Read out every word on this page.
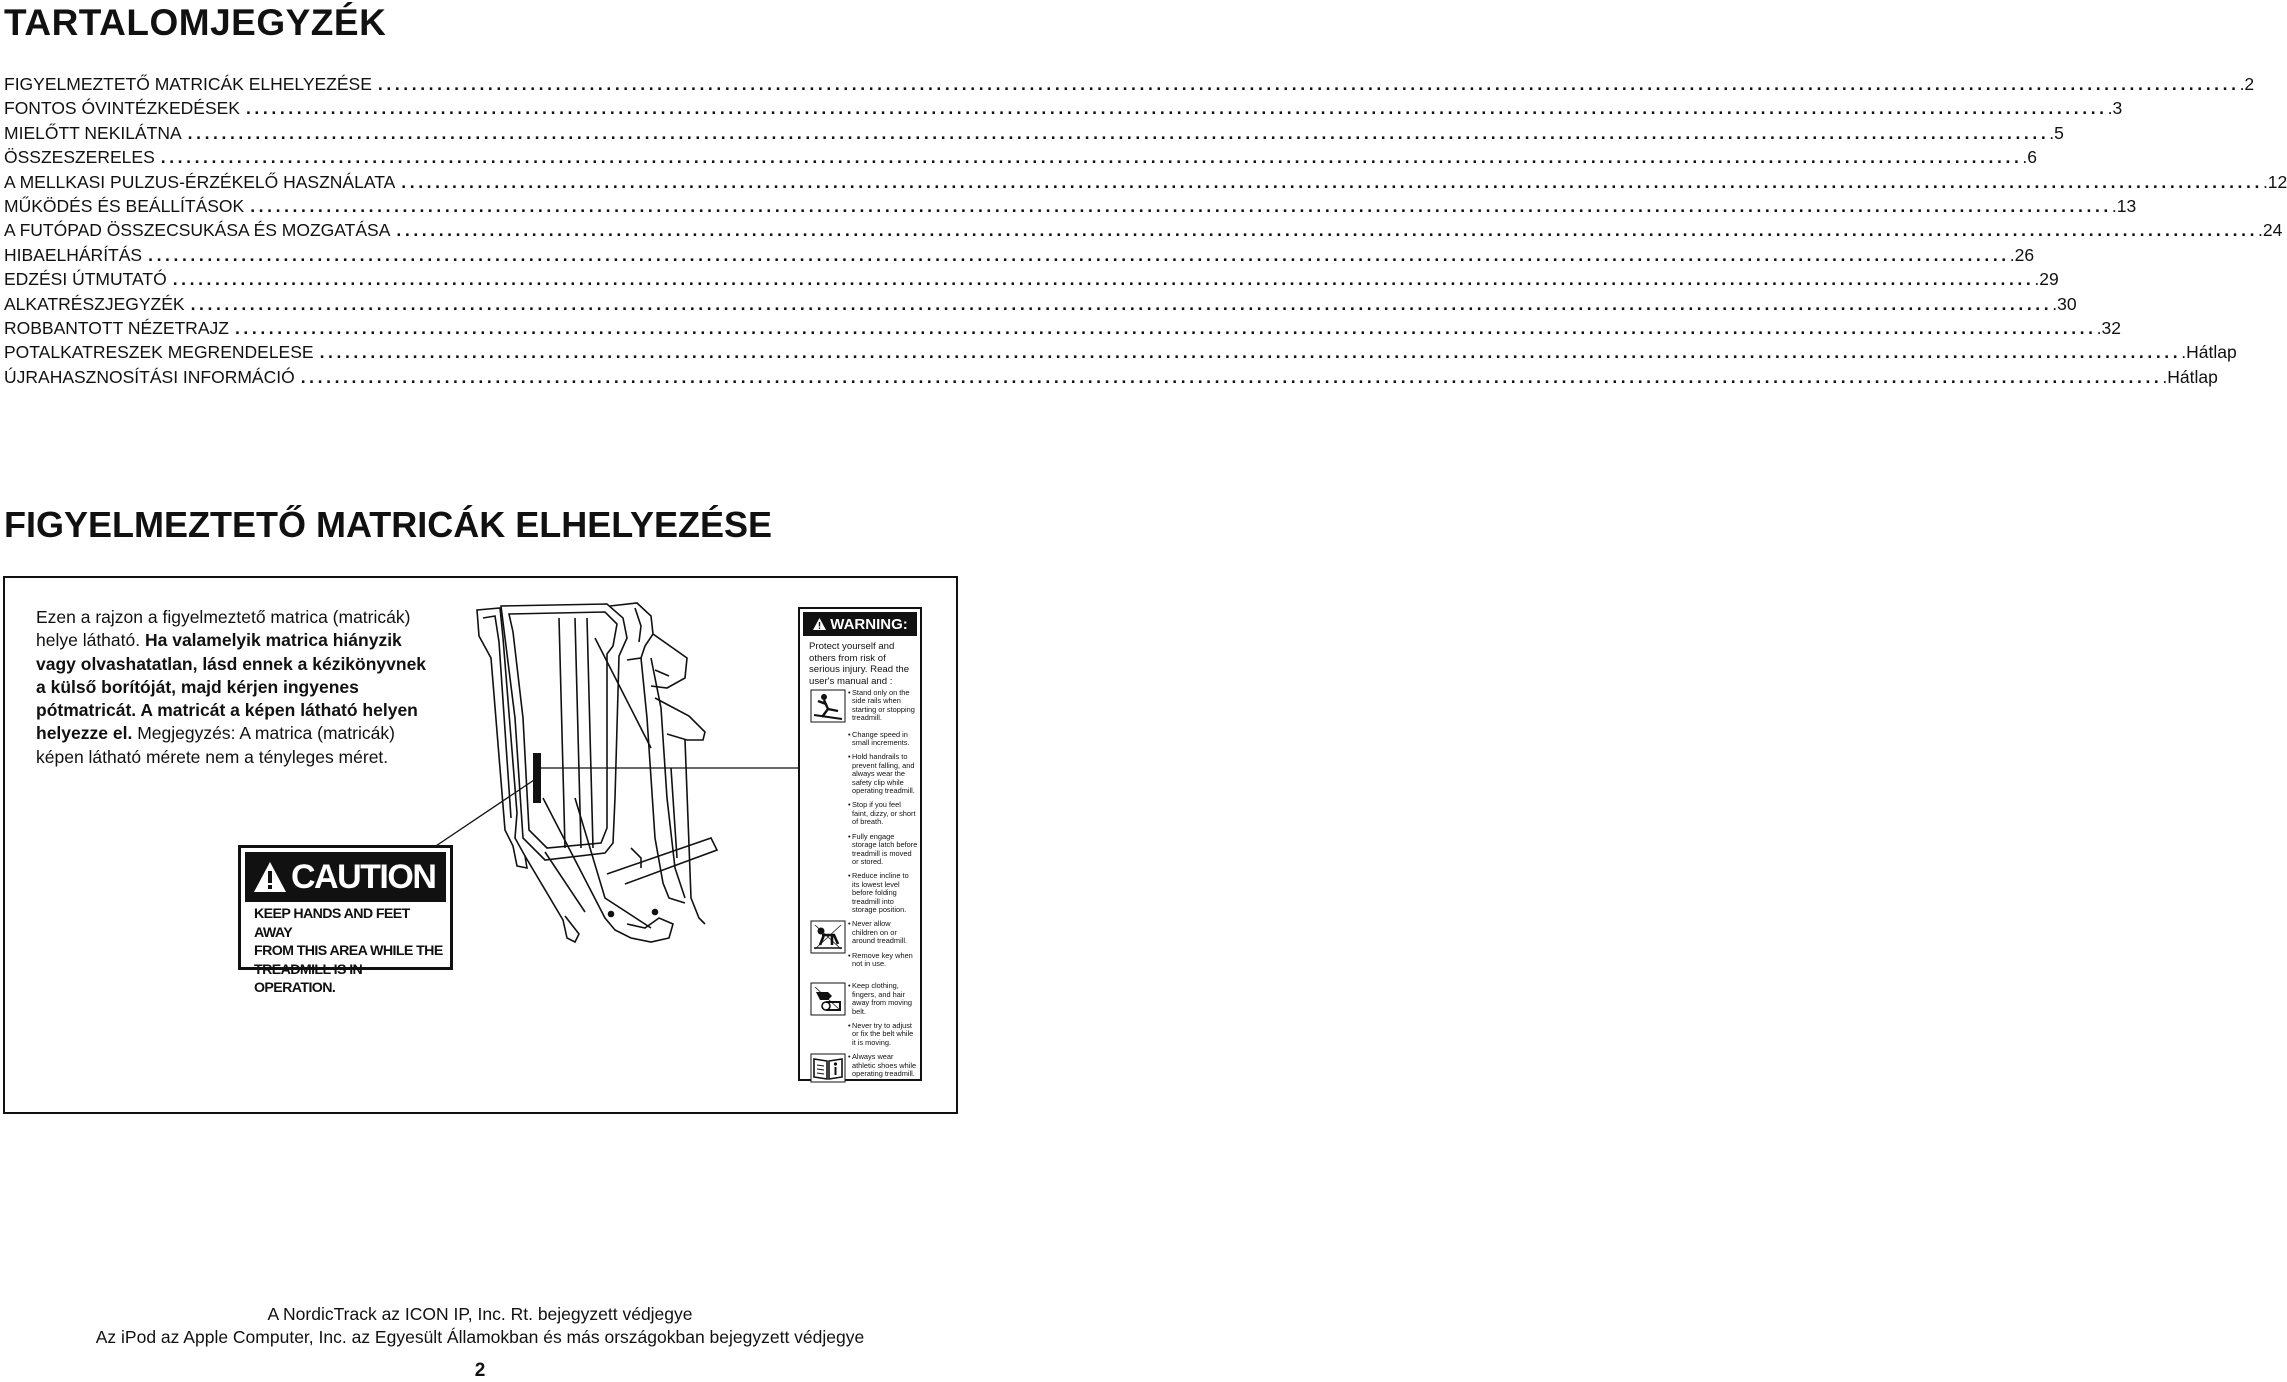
TARTALOMJEGYZÉK
FIGYELMEZTETŐ MATRICÁK ELHELYEZÉSE ............................................................................................................................................................................................................................ .2
FONTOS ÓVINTÉZKEDÉSEK ............................................................................................................................................................................................................................ .3
MIELŐTT NEKILÁTNA ............................................................................................................................................................................................................................ .5
ÖSSZESZERELES ............................................................................................................................................................................................................................ .6
A MELLKASI PULZUS-ÉRZÉKELŐ HASZNÁLATA ............................................................................................................................................................................................................................ .12
MŰKÖDÉS ÉS BEÁLLÍTÁSOK ............................................................................................................................................................................................................................ .13
A FUTÓPAD ÖSSZECSUKÁSA ÉS MOZGATÁSA ............................................................................................................................................................................................................................ .24
HIBAELHÁRÍTÁS ............................................................................................................................................................................................................................ .26
EDZÉSI ÚTMUTATÓ ............................................................................................................................................................................................................................ .29
ALKATRÉSZJEGYZÉK ............................................................................................................................................................................................................................ .30
ROBBANTOTT NÉZETRAJZ ............................................................................................................................................................................................................................ .32
POTALKATRESZEK MEGRENDELESE ............................................................................................................................................................................................................................ .Hátlap
ÚJRAHASZNOSÍTÁSI INFORMÁCIÓ ............................................................................................................................................................................................................................ .Hátlap
FIGYELMEZTETŐ MATRICÁK ELHELYEZÉSE
Ezen a rajzon a figyelmeztető matrica (matricák) helye látható. Ha valamelyik matrica hiányzik vagy olvashatatlan, lásd ennek a kézikönyvnek a külső borítóját, majd kérjen ingyenes pótmatricát. A matricát a képen látható helyen helyezze el. Megjegyzés: A matrica (matricák) képen látható mérete nem a tényleges méret.
CAUTION
KEEP HANDS AND FEET AWAY
FROM THIS AREA WHILE THE
TREADMILL IS IN OPERATION.
WARNING:
Protect yourself and others from risk of serious injury. Read the user's manual and :
• Stand only on the side rails when starting or stopping treadmill.
• Change speed in small increments.
• Hold handrails to prevent falling, and always wear the safety clip while operating treadmill.
• Stop if you feel faint, dizzy, or short of breath.
• Fully engage storage latch before treadmill is moved or stored.
• Reduce incline to its lowest level before folding treadmill into storage position.
• Never allow children on or around treadmill.
• Remove key when not in use.
• Keep clothing, fingers, and hair away from moving belt.
• Never try to adjust or fix the belt while it is moving.
• Always wear athletic shoes while operating treadmill.
A NordicTrack az ICON IP, Inc. Rt. bejegyzett védjegye
Az iPod az Apple Computer, Inc. az Egyesült Államokban és más országokban bejegyzett védjegye
2
